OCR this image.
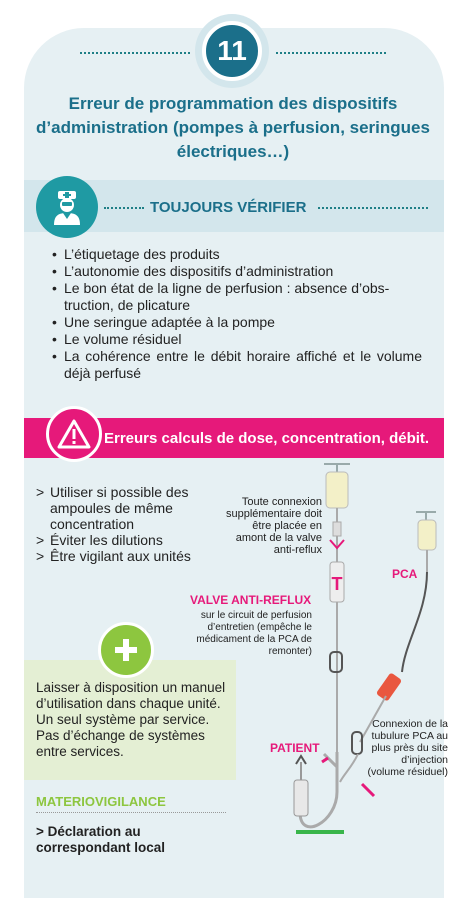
11
Erreur de programmation des dispositifs d’administration (pompes à perfusion, seringues électriques…)
TOUJOURS VÉRIFIER
• L’étiquetage des produits
• L’autonomie des dispositifs d’administration
• Le bon état de la ligne de perfusion : absence d’obs-truction, de plicature
• Une seringue adaptée à la pompe
• Le volume résiduel
• La cohérence entre le débit horaire affiché et le volume déjà perfusé
Erreurs calculs de dose, concentration, débit.
> Utiliser si possible des ampoules de même concentration
> Éviter les dilutions
> Être vigilant aux unités
Laisser à disposition un manuel d’utilisation dans chaque unité. Un seul système par service. Pas d’échange de systèmes entre services.
MATERIOVIGILANCE
> Déclaration au correspondant local
T
Toute connexion supplémentaire doit être placée en amont de la valve anti-reflux
VALVE ANTI-REFLUX
sur le circuit de perfusion d’entretien (empêche le médicament de la PCA de remonter)
PCA
PATIENT
Connexion de la tubulure PCA au plus près du site d’injection (volume résiduel)
